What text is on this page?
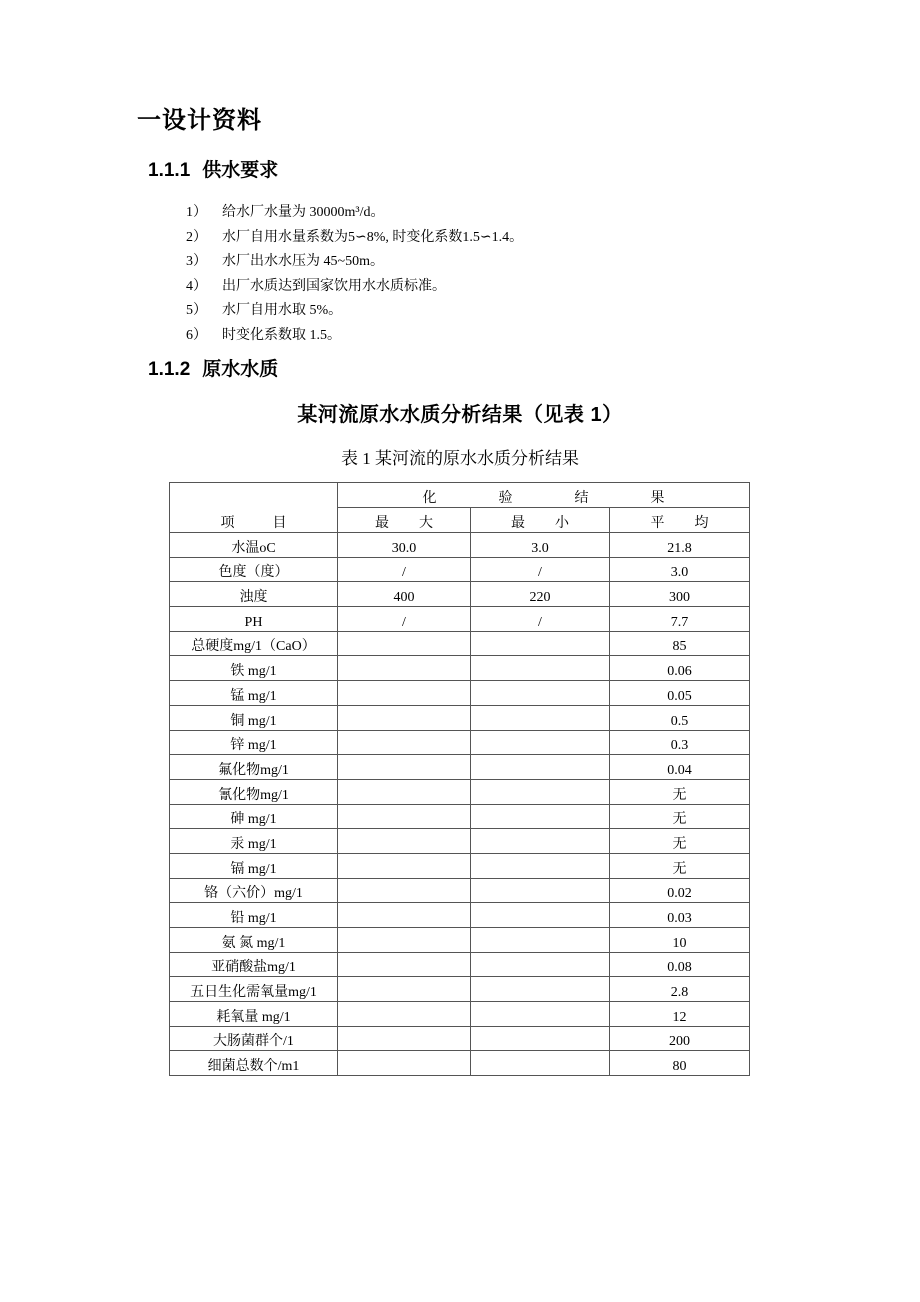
一设计资料
1.1.1 供水要求
1） 给水厂水量为 30000m³/d。
2） 水厂自用水量系数为5∽8%, 时变化系数1.5∽1.4。
3） 水厂出水水压为 45~50m。
4） 出厂水质达到国家饮用水水质标准。
5） 水厂自用水取 5%。
6） 时变化系数取 1.5。
1.1.2 原水水质
某河流原水水质分析结果（见表 1）
表 1 某河流的原水水质分析结果
项目	化验结果		
	最大	最小	平均
水温oC	30.0	3.0	21.8
色度（度）	/	/	3.0
浊度	400	220	300
PH	/	/	7.7
总硬度mg/1（CaO）			85
铁 mg/1			0.06
锰 mg/1			0.05
铜 mg/1			0.5
锌 mg/1			0.3
氟化物mg/1			0.04
氰化物mg/1			无
砷 mg/1			无
汞 mg/1			无
镉 mg/1			无
铬（六价）mg/1			0.02
铅 mg/1			0.03
氨 氮 mg/1			10
亚硝酸盐mg/1			0.08
五日生化需氧量mg/1			2.8
耗氧量 mg/1			12
大肠菌群个/1			200
细菌总数个/m1			80
